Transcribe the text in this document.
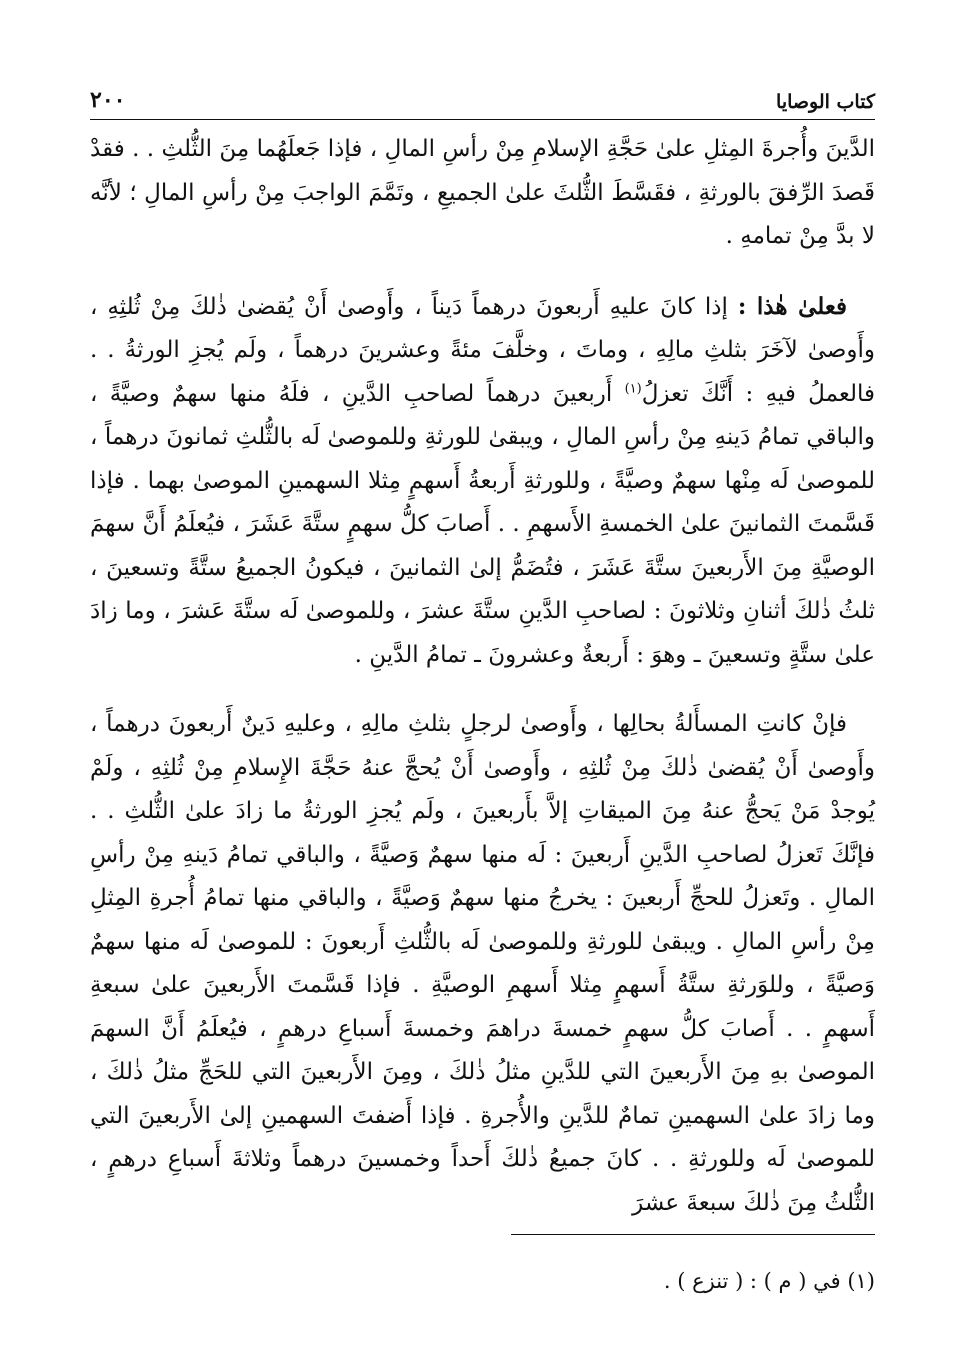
كتاب الوصايا
٢٠٠

الدَّينَ وأُجرةَ المِثلِ علىٰ حَجَّةِ الإسلامِ مِنْ رأسِ المالِ ، فإذا جَعلَهُما مِنَ الثُّلثِ . . فقدْ قَصدَ الرِّفقَ بالورثةِ ، فقَسَّطَ الثُّلثَ علىٰ الجميعِ ، وتَمَّمَ الواجبَ مِنْ رأسِ المالِ ؛ لأنَّه لا بدَّ مِنْ تمامهِ .

فعلىٰ هٰذا : إذا كانَ عليهِ أَربعونَ درهماً دَيناً ، وأَوصىٰ أَنْ يُقضىٰ ذٰلكَ مِنْ ثُلثِهِ ، وأَوصىٰ لآخَرَ بثلثِ مالِهِ ، وماتَ ، وخلَّفَ مئةً وعشرينَ درهماً ، ولَم يُجزِ الورثةُ . . فالعملُ فيهِ : أَنَّكَ تعزلُ$^{(١)}$ أَربعينَ درهماً لصاحبِ الدَّينِ ، فلَهُ منها سهمٌ وصيَّةً ، والباقي تمامُ دَينهِ مِنْ رأسِ المالِ ، ويبقىٰ للورثةِ وللموصىٰ لَه بالثُّلثِ ثمانونَ درهماً ، للموصىٰ لَه مِنْها سهمٌ وصيَّةً ، وللورثةِ أَربعةُ أَسهمٍ مِثلا السهمينِ الموصىٰ بهما . فإذا قَسَّمتَ الثمانينَ علىٰ الخمسةِ الأَسهمِ . . أَصابَ كلُّ سهمٍ ستَّةَ عَشَرَ ، فيُعلَمُ أَنَّ سهمَ الوصيَّةِ مِنَ الأَربعينَ ستَّةَ عَشَرَ ، فتُضَمُّ إلىٰ الثمانينَ ، فيكونُ الجميعُ ستَّةً وتسعينَ ، ثلثُ ذٰلكَ أثنانِ وثلاثونَ : لصاحبِ الدَّينِ ستَّةَ عشرَ ، وللموصىٰ لَه ستَّةَ عَشرَ ، وما زادَ علىٰ ستَّةٍ وتسعينَ ـ وهوَ : أَربعةٌ وعشرونَ ـ تمامُ الدَّينِ .

فإنْ كانتِ المسأَلةُ بحالِها ، وأَوصىٰ لرجلٍ بثلثِ مالِهِ ، وعليهِ دَينٌ أَربعونَ درهماً ، وأَوصىٰ أَنْ يُقضىٰ ذٰلكَ مِنْ ثُلثِهِ ، وأَوصىٰ أَنْ يُحجَّ عنهُ حَجَّةَ الإِسلامِ مِنْ ثُلثِهِ ، ولَمْ يُوجدْ مَنْ يَحجُّ عنهُ مِنَ الميقاتِ إلاَّ بأَربعينَ ، ولَم يُجزِ الورثةُ ما زادَ علىٰ الثُّلثِ . . فإنَّكَ تَعزلُ لصاحبِ الدَّينِ أَربعينَ : لَه منها سهمٌ وَصيَّةً ، والباقي تمامُ دَينهِ مِنْ رأسِ المالِ . وتَعزلُ للحجِّ أَربعينَ : يخرجُ منها سهمٌ وَصيَّةً ، والباقي منها تمامُ أُجرةِ المِثلِ مِنْ رأسِ المالِ . ويبقىٰ للورثةِ وللموصىٰ لَه بالثُّلثِ أَربعونَ : للموصىٰ لَه منها سهمٌ وَصيَّةً ، وللوَرثةِ ستَّةُ أَسهمٍ مِثلا أَسهمِ الوصيَّةِ . فإذا قَسَّمتَ الأَربعينَ علىٰ سبعةِ أَسهمٍ . . أَصابَ كلُّ سهمٍ خمسةَ دراهمَ وخمسةَ أَسباعِ درهمٍ ، فيُعلَمُ أَنَّ السهمَ الموصىٰ بهِ مِنَ الأَربعينَ التي للدَّينِ مثلُ ذٰلكَ ، ومِنَ الأَربعينَ التي للحَجِّ مثلُ ذٰلكَ ، وما زادَ علىٰ السهمينِ تمامٌ للدَّينِ والأُجرةِ . فإذا أَضفتَ السهمينِ إلىٰ الأَربعينَ التي للموصىٰ لَه وللورثةِ . . كانَ جميعُ ذٰلكَ أَحداً وخمسينَ درهماً وثلاثةَ أَسباعِ درهمٍ ، الثُّلثُ مِنَ ذٰلكَ سبعةَ عشرَ

(١) في ( م ) : ( تنزع ) .
